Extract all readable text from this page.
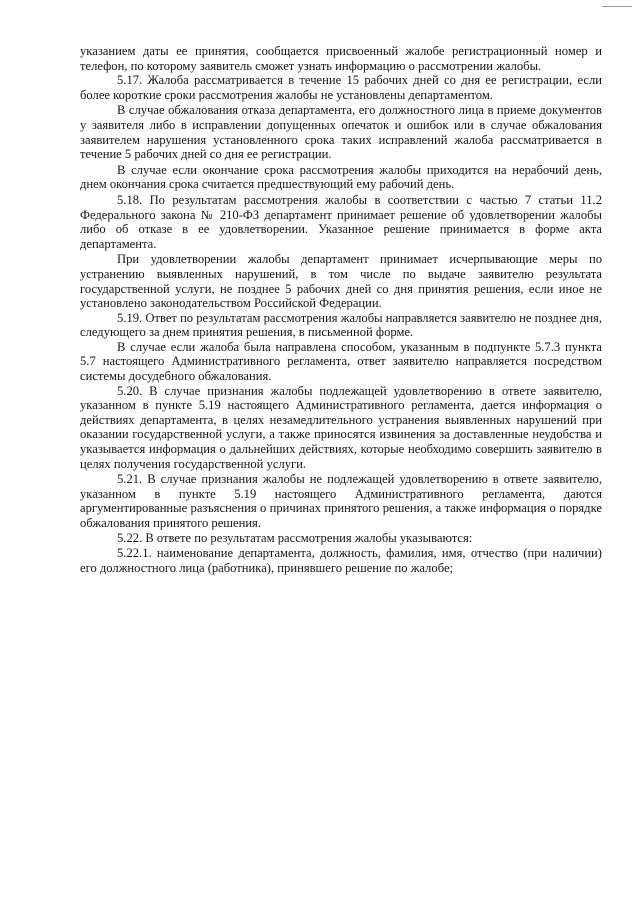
указанием даты ее принятия, сообщается присвоенный жалобе регистрационный номер и телефон, по которому заявитель сможет узнать информацию о рассмотрении жалобы.

5.17. Жалоба рассматривается в течение 15 рабочих дней со дня ее регистрации, если более короткие сроки рассмотрения жалобы не установлены департаментом.

В случае обжалования отказа департамента, его должностного лица в приеме документов у заявителя либо в исправлении допущенных опечаток и ошибок или в случае обжалования заявителем нарушения установленного срока таких исправлений жалоба рассматривается в течение 5 рабочих дней со дня ее регистрации.

В случае если окончание срока рассмотрения жалобы приходится на нерабочий день, днем окончания срока считается предшествующий ему рабочий день.

5.18. По результатам рассмотрения жалобы в соответствии с частью 7 статьи 11.2 Федерального закона № 210-ФЗ департамент принимает решение об удовлетворении жалобы либо об отказе в ее удовлетворении. Указанное решение принимается в форме акта департамента.

При удовлетворении жалобы департамент принимает исчерпывающие меры по устранению выявленных нарушений, в том числе по выдаче заявителю результата государственной услуги, не позднее 5 рабочих дней со дня принятия решения, если иное не установлено законодательством Российской Федерации.

5.19. Ответ по результатам рассмотрения жалобы направляется заявителю не позднее дня, следующего за днем принятия решения, в письменной форме.

В случае если жалоба была направлена способом, указанным в подпункте 5.7.3 пункта 5.7 настоящего Административного регламента, ответ заявителю направляется посредством системы досудебного обжалования.

5.20. В случае признания жалобы подлежащей удовлетворению в ответе заявителю, указанном в пункте 5.19 настоящего Административного регламента, дается информация о действиях департамента, в целях незамедлительного устранения выявленных нарушений при оказании государственной услуги, а также приносятся извинения за доставленные неудобства и указывается информация о дальнейших действиях, которые необходимо совершить заявителю в целях получения государственной услуги.

5.21. В случае признания жалобы не подлежащей удовлетворению в ответе заявителю, указанном в пункте 5.19 настоящего Административного регламента, даются аргументированные разъяснения о причинах принятого решения, а также информация о порядке обжалования принятого решения.

5.22. В ответе по результатам рассмотрения жалобы указываются:

5.22.1. наименование департамента, должность, фамилия, имя, отчество (при наличии) его должностного лица (работника), принявшего решение по жалобе;
